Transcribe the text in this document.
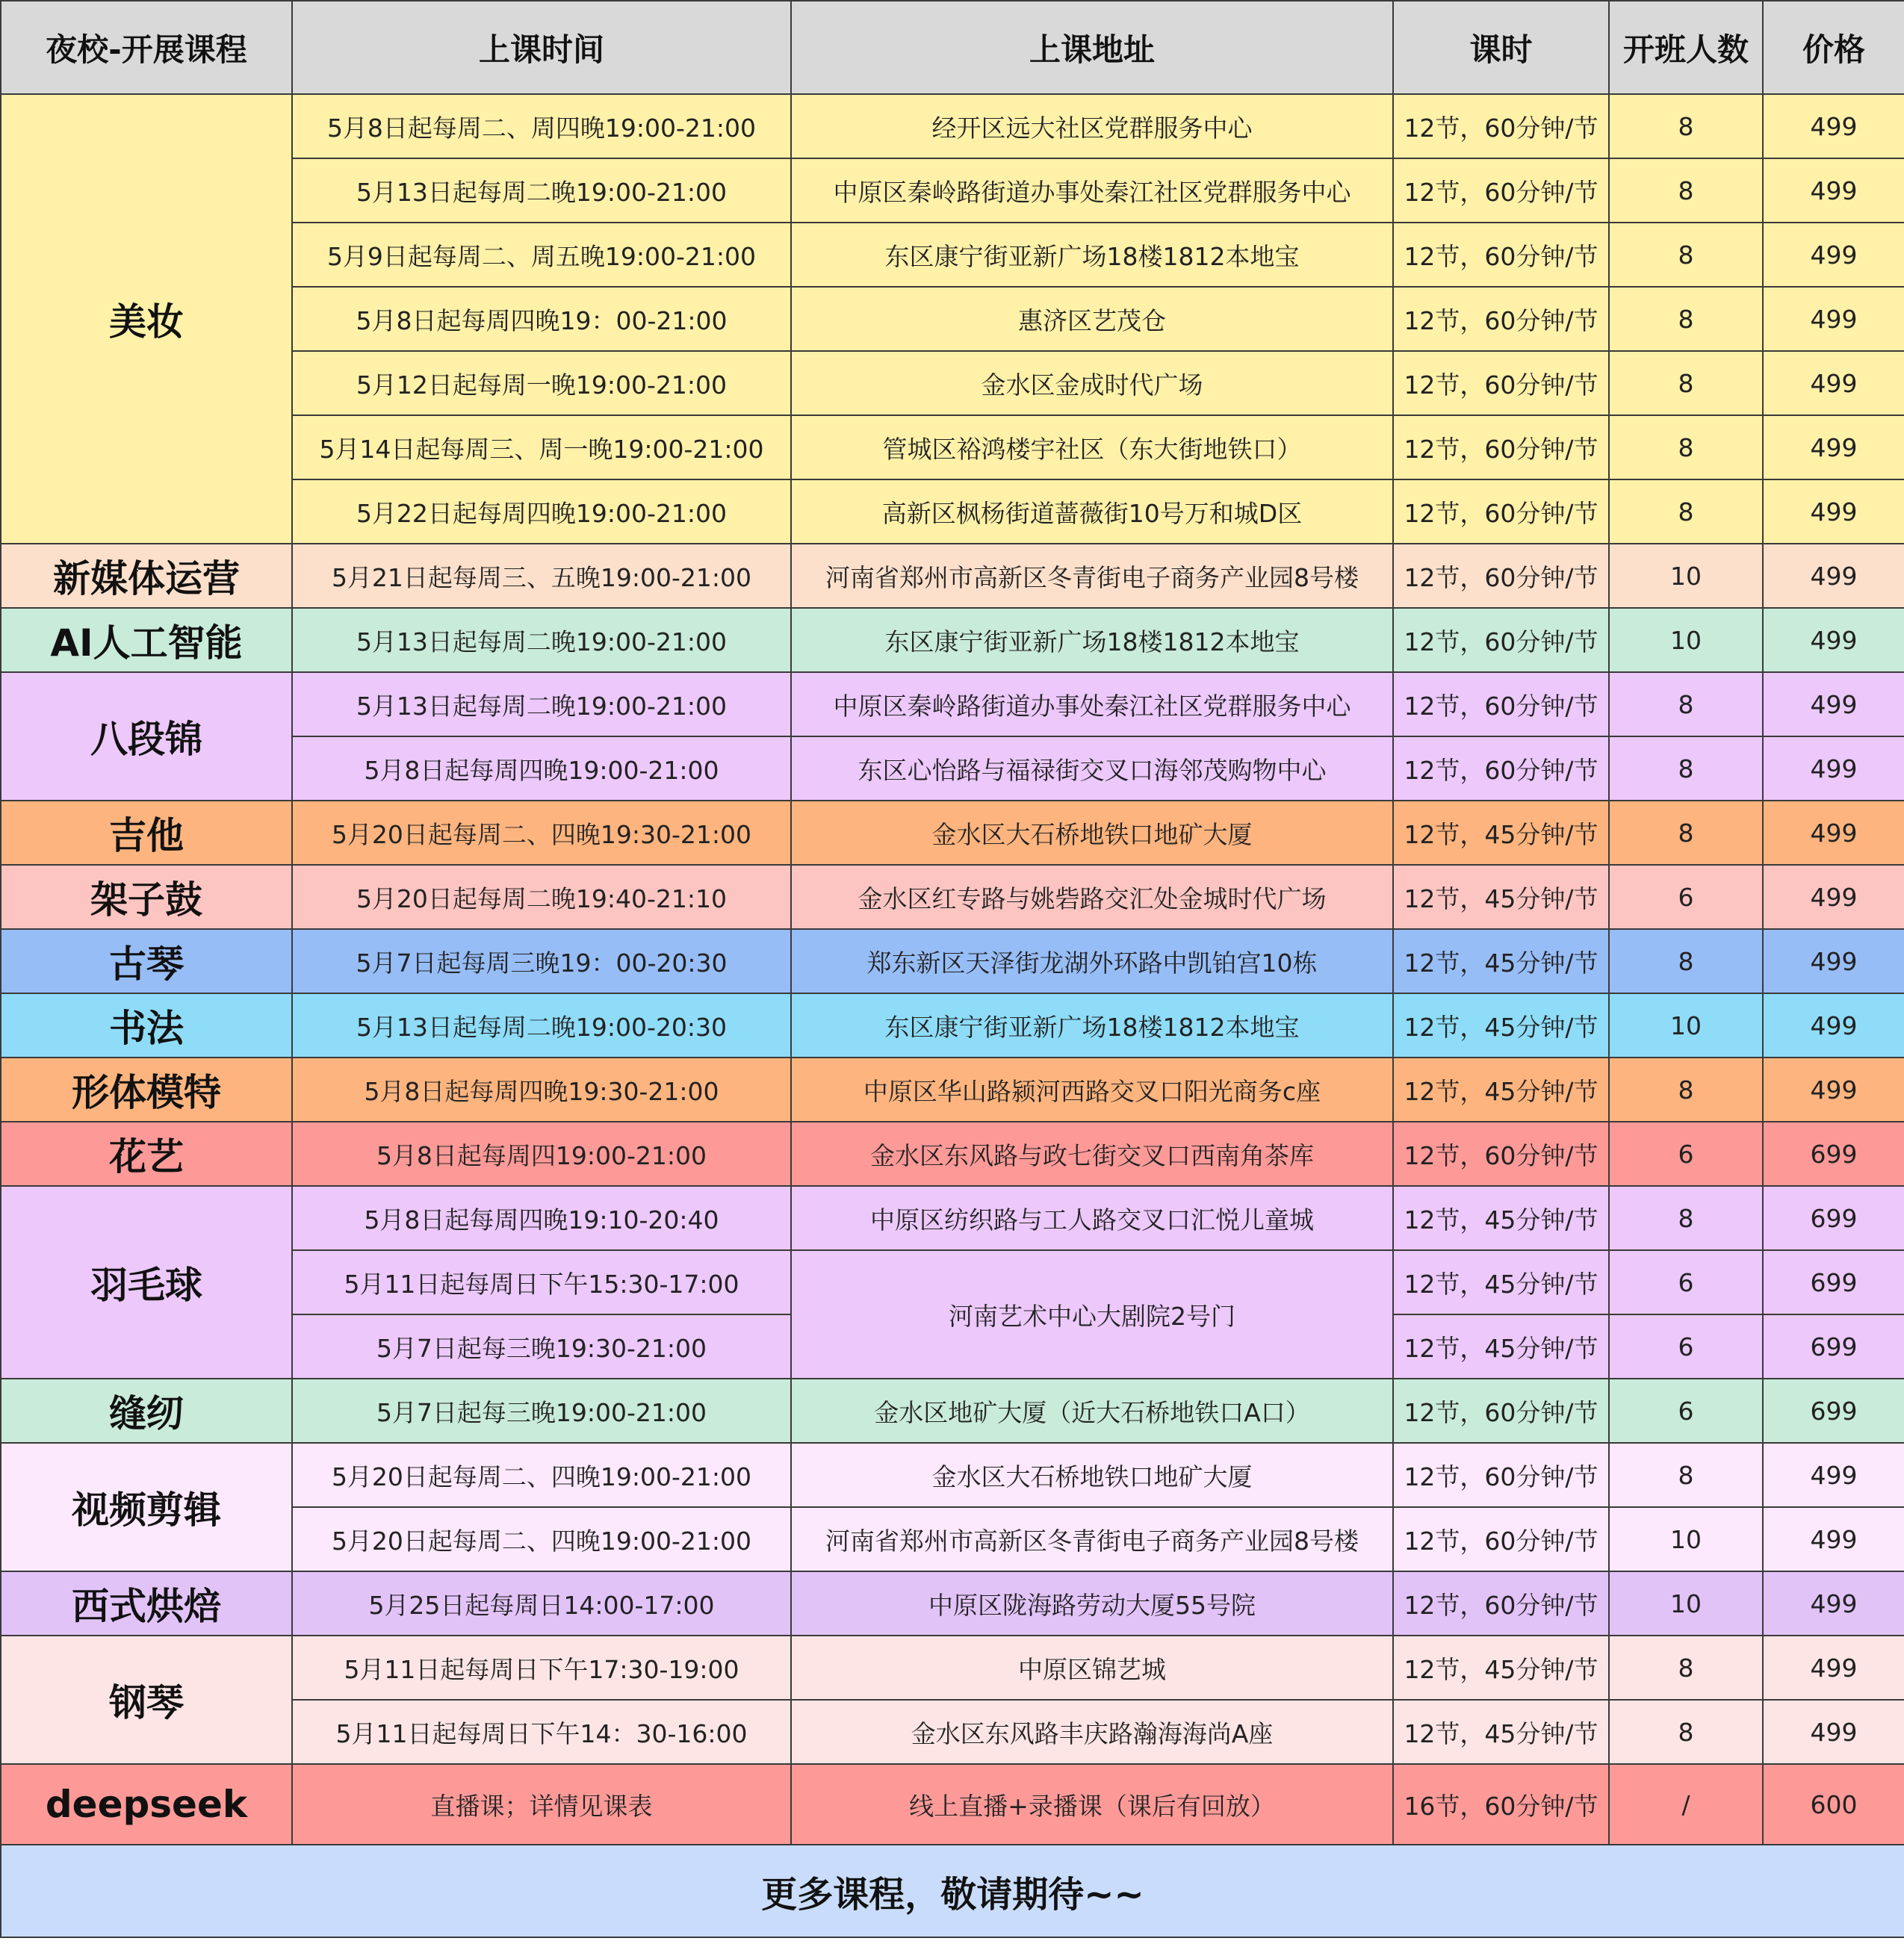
夜校-开展课程	上课时间	上课地址	课时	开班人数	价格
美妆	5月8日起每周二、周四晚19:00-21:00	经开区远大社区党群服务中心	12节，60分钟/节	8	499
	5月13日起每周二晚19:00-21:00	中原区秦岭路街道办事处秦江社区党群服务中心	12节，60分钟/节	8	499
	5月9日起每周二、周五晚19:00-21:00	东区康宁街亚新广场18楼1812本地宝	12节，60分钟/节	8	499
	5月8日起每周四晚19：00-21:00	惠济区艺茂仓	12节，60分钟/节	8	499
	5月12日起每周一晚19:00-21:00	金水区金成时代广场	12节，60分钟/节	8	499
	5月14日起每周三、周一晚19:00-21:00	管城区裕鸿楼宇社区（东大街地铁口）	12节，60分钟/节	8	499
	5月22日起每周四晚19:00-21:00	高新区枫杨街道蔷薇街10号万和城D区	12节，60分钟/节	8	499
新媒体运营	5月21日起每周三、五晚19:00-21:00	河南省郑州市高新区冬青街电子商务产业园8号楼	12节，60分钟/节	10	499
AI人工智能	5月13日起每周二晚19:00-21:00	东区康宁街亚新广场18楼1812本地宝	12节，60分钟/节	10	499
八段锦	5月13日起每周二晚19:00-21:00	中原区秦岭路街道办事处秦江社区党群服务中心	12节，60分钟/节	8	499
	5月8日起每周四晚19:00-21:00	东区心怡路与福禄街交叉口海邻茂购物中心	12节，60分钟/节	8	499
吉他	5月20日起每周二、四晚19:30-21:00	金水区大石桥地铁口地矿大厦	12节，45分钟/节	8	499
架子鼓	5月20日起每周二晚19:40-21:10	金水区红专路与姚砦路交汇处金城时代广场	12节，45分钟/节	6	499
古琴	5月7日起每周三晚19：00-20:30	郑东新区天泽街龙湖外环路中凯铂宫10栋	12节，45分钟/节	8	499
书法	5月13日起每周二晚19:00-20:30	东区康宁街亚新广场18楼1812本地宝	12节，45分钟/节	10	499
形体模特	5月8日起每周四晚19:30-21:00	中原区华山路颍河西路交叉口阳光商务c座	12节，45分钟/节	8	499
花艺	5月8日起每周四19:00-21:00	金水区东风路与政七街交叉口西南角茶库	12节，60分钟/节	6	699
羽毛球	5月8日起每周四晚19:10-20:40	中原区纺织路与工人路交叉口汇悦儿童城	12节，45分钟/节	8	699
	5月11日起每周日下午15:30-17:00	河南艺术中心大剧院2号门	12节，45分钟/节	6	699
	5月7日起每三晚19:30-21:00		12节，45分钟/节	6	699
缝纫	5月7日起每三晚19:00-21:00	金水区地矿大厦（近大石桥地铁口A口）	12节，60分钟/节	6	699
视频剪辑	5月20日起每周二、四晚19:00-21:00	金水区大石桥地铁口地矿大厦	12节，60分钟/节	8	499
	5月20日起每周二、四晚19:00-21:00	河南省郑州市高新区冬青街电子商务产业园8号楼	12节，60分钟/节	10	499
西式烘焙	5月25日起每周日14:00-17:00	中原区陇海路劳动大厦55号院	12节，60分钟/节	10	499
钢琴	5月11日起每周日下午17:30-19:00	中原区锦艺城	12节，45分钟/节	8	499
	5月11日起每周日下午14：30-16:00	金水区东风路丰庆路瀚海海尚A座	12节，45分钟/节	8	499
deepseek	直播课；详情见课表	线上直播+录播课（课后有回放）	16节，60分钟/节	/	600
更多课程，敬请期待~~					
